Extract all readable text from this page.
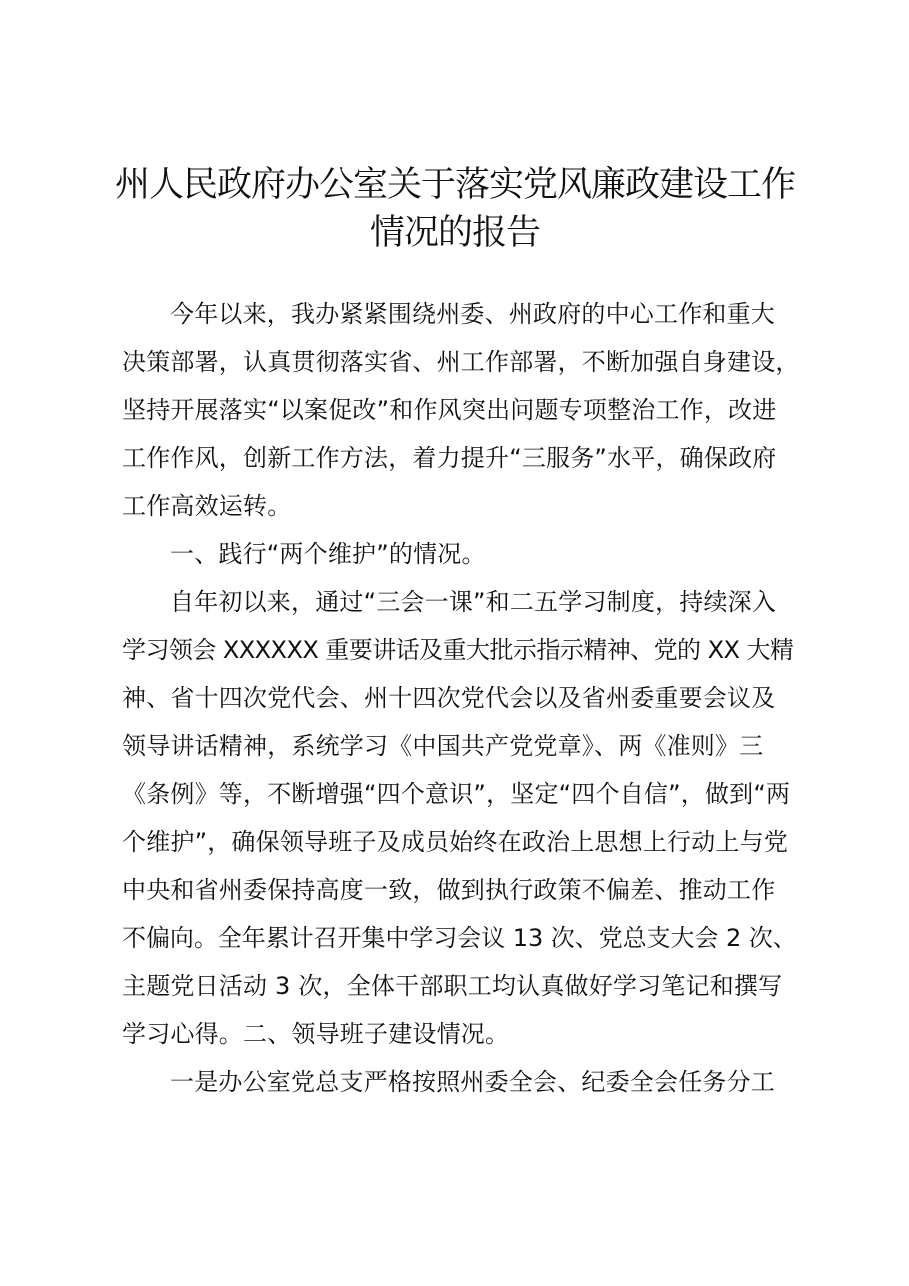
州人民政府办公室关于落实党风廉政建设工作
情况的报告
今年以来，我办紧紧围绕州委、州政府的中心工作和重大
决策部署，认真贯彻落实省、州工作部署，不断加强自身建设，
坚持开展落实“以案促改”和作风突出问题专项整治工作，改进
工作作风，创新工作方法，着力提升“三服务”水平，确保政府
工作高效运转。
一、践行“两个维护”的情况。
自年初以来，通过“三会一课”和二五学习制度，持续深入
学习领会 XXXXXX 重要讲话及重大批示指示精神、党的 XX 大精
神、省十四次党代会、州十四次党代会以及省州委重要会议及
领导讲话精神，系统学习《中国共产党党章》、两《准则》三
《条例》等，不断增强“四个意识”，坚定“四个自信”，做到“两
个维护”，确保领导班子及成员始终在政治上思想上行动上与党
中央和省州委保持高度一致，做到执行政策不偏差、推动工作
不偏向。全年累计召开集中学习会议 13 次、党总支大会 2 次、
主题党日活动 3 次，全体干部职工均认真做好学习笔记和撰写
学习心得。二、领导班子建设情况。
一是办公室党总支严格按照州委全会、纪委全会任务分工
